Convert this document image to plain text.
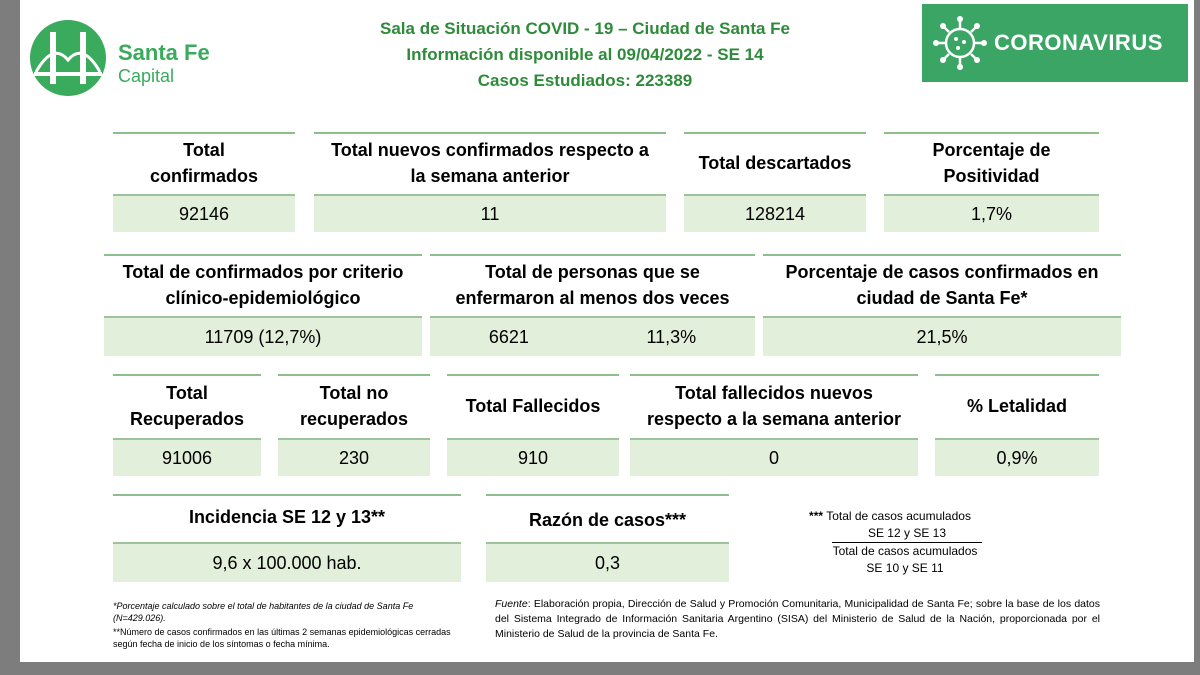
Santa Fe
Capital
Sala de Situación COVID - 19 – Ciudad de Santa Fe
Información disponible al 09/04/2022 - SE 14
Casos Estudiados: 223389
CORONAVIRUS
Total confirmados
92146
Total nuevos confirmados respecto a la semana anterior
11
Total descartados
128214
Porcentaje de Positividad
1,7%
Total de confirmados por criterio clínico-epidemiológico
11709 (12,7%)
Total de personas que se enfermaron al menos dos veces
6621	11,3%
Porcentaje de casos confirmados en ciudad de Santa Fe*
21,5%
Total Recuperados
91006
Total no recuperados
230
Total Fallecidos
910
Total fallecidos nuevos respecto a la semana anterior
0
% Letalidad
0,9%
Incidencia SE 12 y 13**
9,6 x 100.000 hab.
Razón de casos***
0,3
*** Total de casos acumulados
SE 12 y SE 13
Total de casos acumulados
SE 10 y SE 11
*Porcentaje calculado sobre el total de habitantes de la ciudad de Santa Fe (N=429.026).
**Número de casos confirmados en las últimas 2 semanas epidemiológicas cerradas según fecha de inicio de los síntomas o fecha mínima.
Fuente: Elaboración propia, Dirección de Salud y Promoción Comunitaria, Municipalidad de Santa Fe; sobre la base de los datos del Sistema Integrado de Información Sanitaria Argentino (SISA) del Ministerio de Salud de la Nación, proporcionada por el Ministerio de Salud de la provincia de Santa Fe.
